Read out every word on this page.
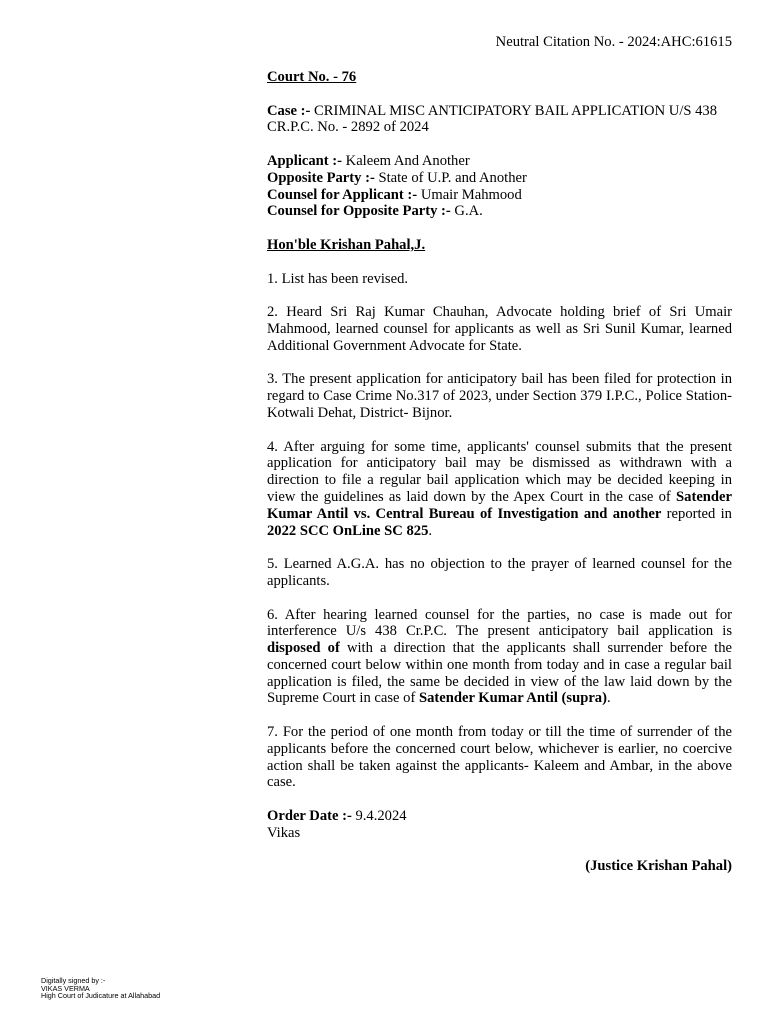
Neutral Citation No. - 2024:AHC:61615
Court No. - 76
Case :- CRIMINAL MISC ANTICIPATORY BAIL APPLICATION U/S 438 CR.P.C. No. - 2892 of 2024
Applicant :- Kaleem And Another
Opposite Party :- State of U.P. and Another
Counsel for Applicant :- Umair Mahmood
Counsel for Opposite Party :- G.A.
Hon'ble Krishan Pahal,J.
1. List has been revised.
2. Heard Sri Raj Kumar Chauhan, Advocate holding brief of Sri Umair Mahmood, learned counsel for applicants as well as Sri Sunil Kumar, learned Additional Government Advocate for State.
3. The present application for anticipatory bail has been filed for protection in regard to Case Crime No.317 of 2023, under Section 379 I.P.C., Police Station- Kotwali Dehat, District- Bijnor.
4. After arguing for some time, applicants' counsel submits that the present application for anticipatory bail may be dismissed as withdrawn with a direction to file a regular bail application which may be decided keeping in view the guidelines as laid down by the Apex Court in the case of Satender Kumar Antil vs. Central Bureau of Investigation and another reported in 2022 SCC OnLine SC 825.
5. Learned A.G.A. has no objection to the prayer of learned counsel for the applicants.
6. After hearing learned counsel for the parties, no case is made out for interference U/s 438 Cr.P.C. The present anticipatory bail application is disposed of with a direction that the applicants shall surrender before the concerned court below within one month from today and in case a regular bail application is filed, the same be decided in view of the law laid down by the Supreme Court in case of Satender Kumar Antil (supra).
7. For the period of one month from today or till the time of surrender of the applicants before the concerned court below, whichever is earlier, no coercive action shall be taken against the applicants- Kaleem and Ambar, in the above case.
Order Date :- 9.4.2024
Vikas
(Justice Krishan Pahal)
Digitally signed by :-
VIKAS VERMA
High Court of Judicature at Allahabad
